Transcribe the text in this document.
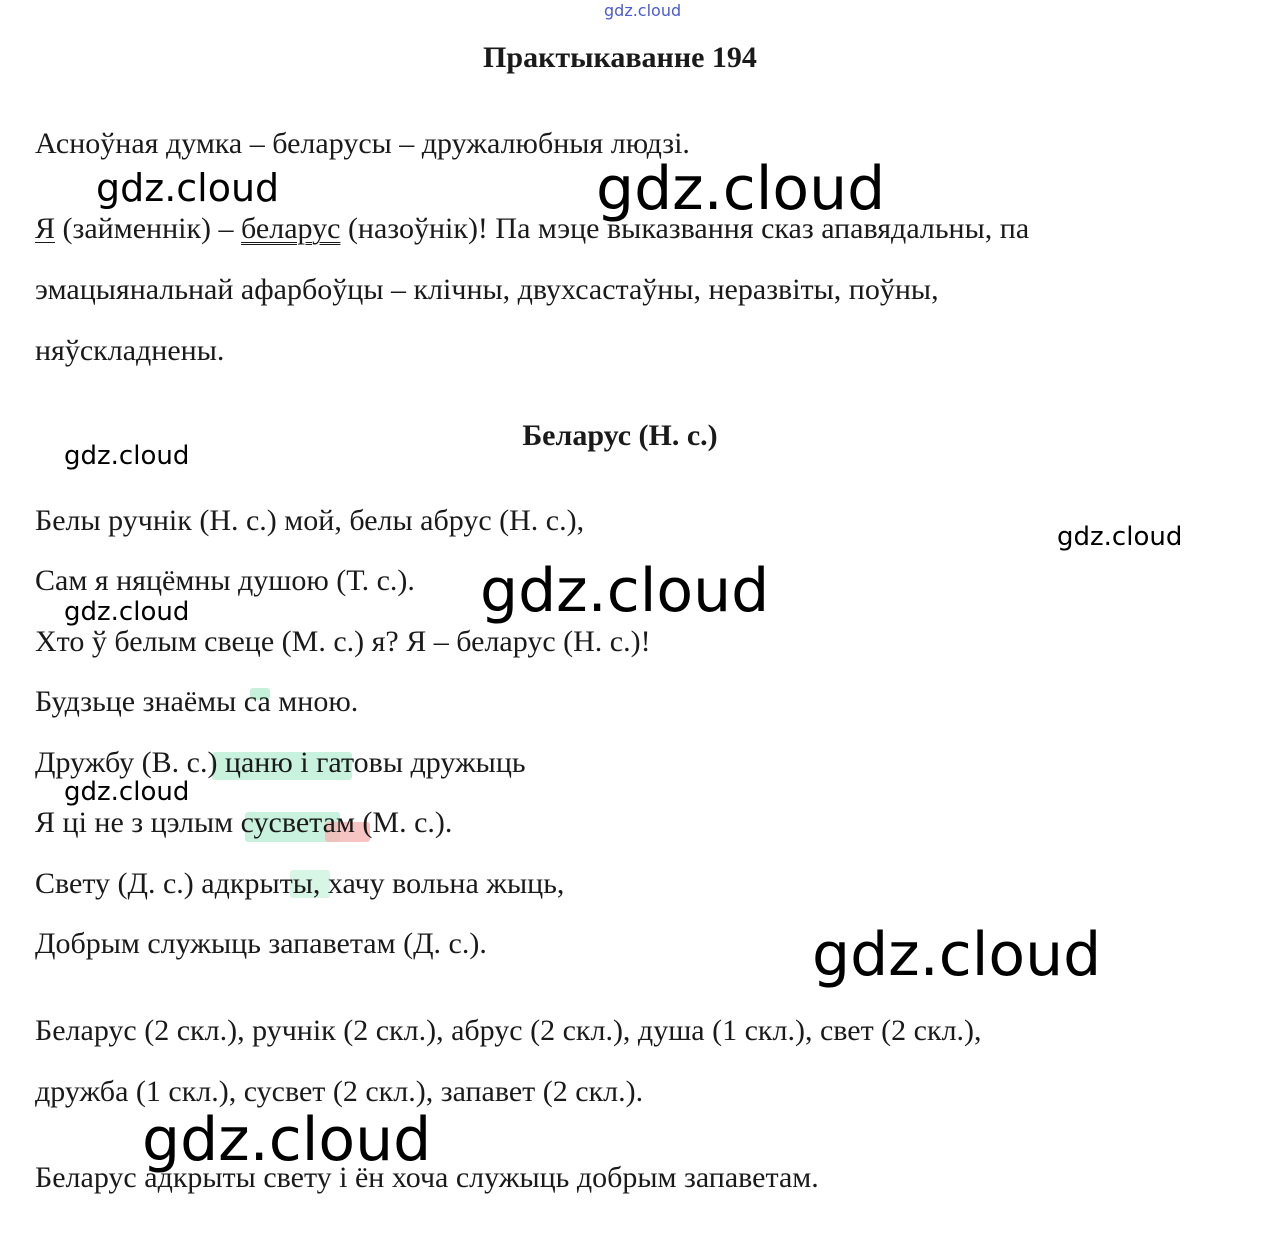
gdz.cloud
Практыкаванне 194

Асноўная думка – беларусы – дружалюбныя людзі.

Я (займеннік) – беларус (назоўнік)! Па мэце выказвання сказ апавядальны, па

эмацыянальнай афарбоўцы – клічны, двухсастаўны, неразвіты, поўны,

няўскладнены.

Беларус (Н. с.)

Белы ручнік (Н. с.) мой, белы абрус (Н. с.),

Сам я няцёмны душою (Т. с.).

Хто ў белым свеце (М. с.) я? Я – беларус (Н. с.)!

Будзьце знаёмы са мною.

Дружбу (В. с.) цаню і гатовы дружыць

Я ці не з цэлым сусветам (М. с.).

Свету (Д. с.) адкрыты, хачу вольна жыць,

Добрым служыць запаветам (Д. с.).

Беларус (2 скл.), ручнік (2 скл.), абрус (2 скл.), душа (1 скл.), свет (2 скл.),

дружба (1 скл.), сусвет (2 скл.), запавет (2 скл.).

Беларус адкрыты свету і ён хоча служыць добрым запаветам.

gdz.cloud	gdz.cloud
gdz.cloud
gdz.cloud
gdz.cloud
gdz.cloud
gdz.cloud
gdz.cloud
gdz.cloud
